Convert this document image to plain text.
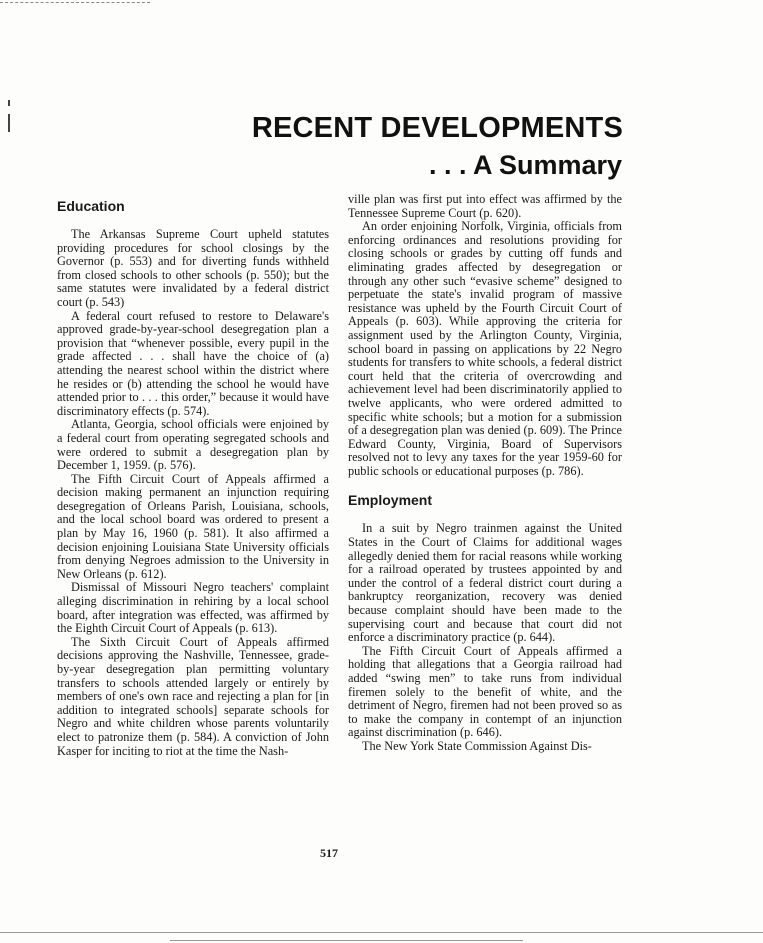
RECENT DEVELOPMENTS
. . . A Summary
Education

The Arkansas Supreme Court upheld statutes providing procedures for school closings by the Governor (p. 553) and for diverting funds withheld from closed schools to other schools (p. 550); but the same statutes were invalidated by a federal district court (p. 543)

A federal court refused to restore to Delaware's approved grade-by-year-school desegregation plan a provision that “whenever possible, every pupil in the grade affected . . . shall have the choice of (a) attending the nearest school within the district where he resides or (b) attending the school he would have attended prior to . . . this order,” because it would have discriminatory effects (p. 574).

Atlanta, Georgia, school officials were enjoined by a federal court from operating segregated schools and were ordered to submit a desegregation plan by December 1, 1959. (p. 576).

The Fifth Circuit Court of Appeals affirmed a decision making permanent an injunction requiring desegregation of Orleans Parish, Louisiana, schools, and the local school board was ordered to present a plan by May 16, 1960 (p. 581). It also affirmed a decision enjoining Louisiana State University officials from denying Negroes admission to the University in New Orleans (p. 612).

Dismissal of Missouri Negro teachers' complaint alleging discrimination in rehiring by a local school board, after integration was effected, was affirmed by the Eighth Circuit Court of Appeals (p. 613).

The Sixth Circuit Court of Appeals affirmed decisions approving the Nashville, Tennessee, grade-by-year desegregation plan permitting voluntary transfers to schools attended largely or entirely by members of one's own race and rejecting a plan for [in addition to integrated schools] separate schools for Negro and white children whose parents voluntarily elect to patronize them (p. 584). A conviction of John Kasper for inciting to riot at the time the Nash-

ville plan was first put into effect was affirmed by the Tennessee Supreme Court (p. 620).

An order enjoining Norfolk, Virginia, officials from enforcing ordinances and resolutions providing for closing schools or grades by cutting off funds and eliminating grades affected by desegregation or through any other such “evasive scheme” designed to perpetuate the state's invalid program of massive resistance was upheld by the Fourth Circuit Court of Appeals (p. 603). While approving the criteria for assignment used by the Arlington County, Virginia, school board in passing on applications by 22 Negro students for transfers to white schools, a federal district court held that the criteria of overcrowding and achievement level had been discriminatorily applied to twelve applicants, who were ordered admitted to specific white schools; but a motion for a submission of a desegregation plan was denied (p. 609). The Prince Edward County, Virginia, Board of Supervisors resolved not to levy any taxes for the year 1959-60 for public schools or educational purposes (p. 786).

Employment

In a suit by Negro trainmen against the United States in the Court of Claims for additional wages allegedly denied them for racial reasons while working for a railroad operated by trustees appointed by and under the control of a federal district court during a bankruptcy reorganization, recovery was denied because complaint should have been made to the supervising court and because that court did not enforce a discriminatory practice (p. 644).

The Fifth Circuit Court of Appeals affirmed a holding that allegations that a Georgia railroad had added “swing men” to take runs from individual firemen solely to the benefit of white, and the detriment of Negro, firemen had not been proved so as to make the company in contempt of an injunction against discrimination (p. 646).

The New York State Commission Against Dis-

517
